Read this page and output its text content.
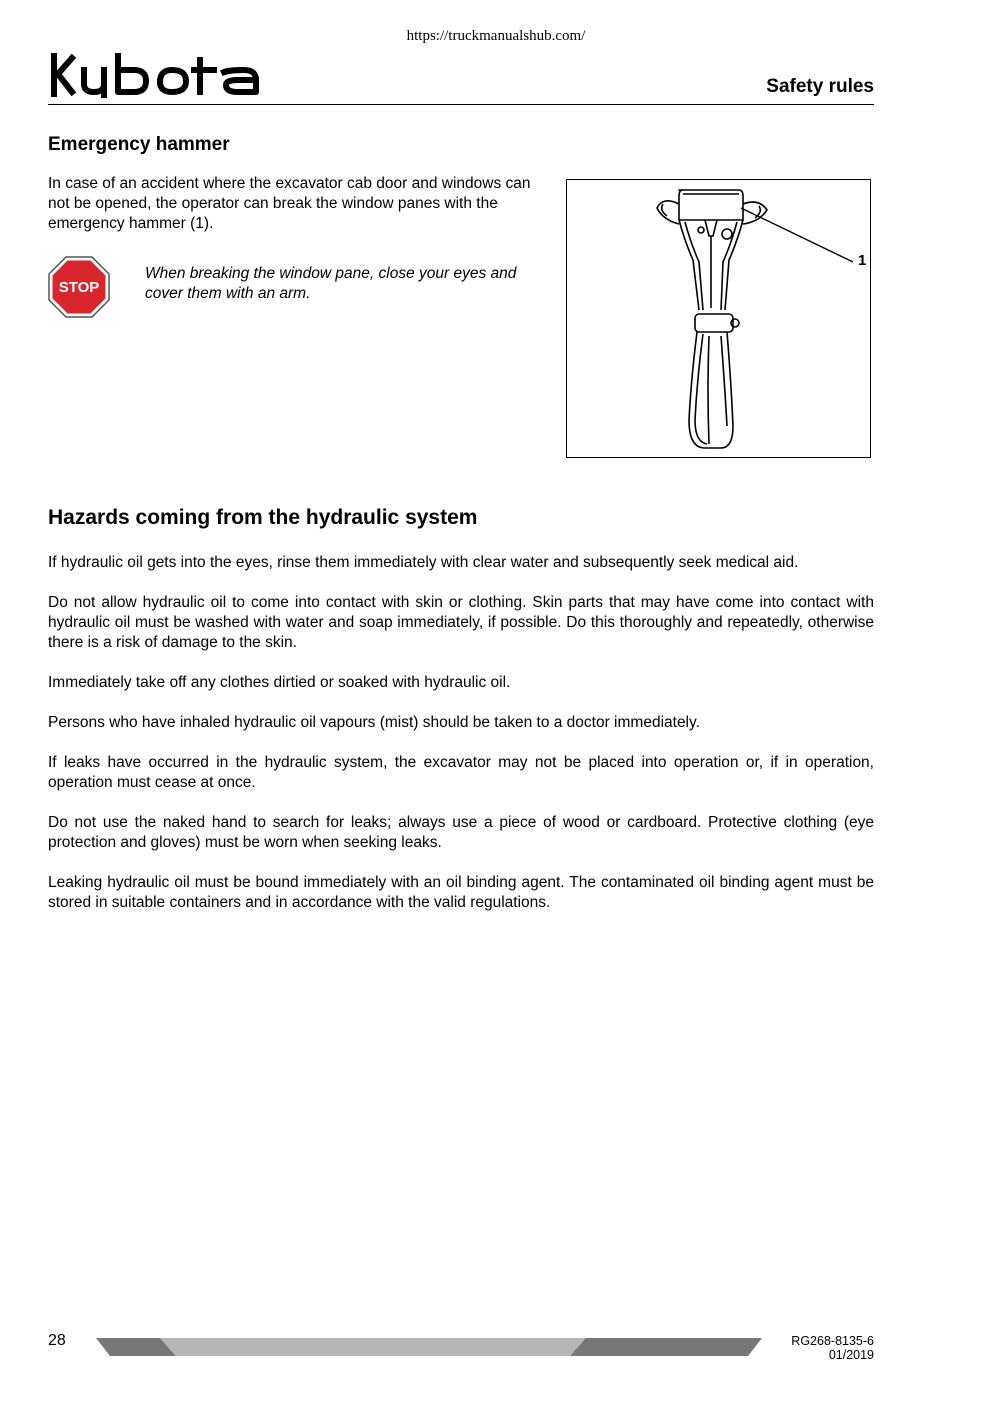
https://truckmanualshub.com/
Safety rules
Emergency hammer

In case of an accident where the excavator cab door and windows can not be opened, the operator can break the window panes with the emergency hammer (1).

STOP

When breaking the window pane, close your eyes and cover them with an arm.

1
Hazards coming from the hydraulic system

If hydraulic oil gets into the eyes, rinse them immediately with clear water and subsequently seek medical aid.

Do not allow hydraulic oil to come into contact with skin or clothing. Skin parts that may have come into contact with hydraulic oil must be washed with water and soap immediately, if possible. Do this thoroughly and repeatedly, otherwise there is a risk of damage to the skin.

Immediately take off any clothes dirtied or soaked with hydraulic oil.

Persons who have inhaled hydraulic oil vapours (mist) should be taken to a doctor immediately.

If leaks have occurred in the hydraulic system, the excavator may not be placed into operation or, if in operation, operation must cease at once.

Do not use the naked hand to search for leaks; always use a piece of wood or cardboard. Protective clothing (eye protection and gloves) must be worn when seeking leaks.

Leaking hydraulic oil must be bound immediately with an oil binding agent. The contaminated oil binding agent must be stored in suitable containers and in accordance with the valid regulations.

28	RG268-8135-6
01/2019
